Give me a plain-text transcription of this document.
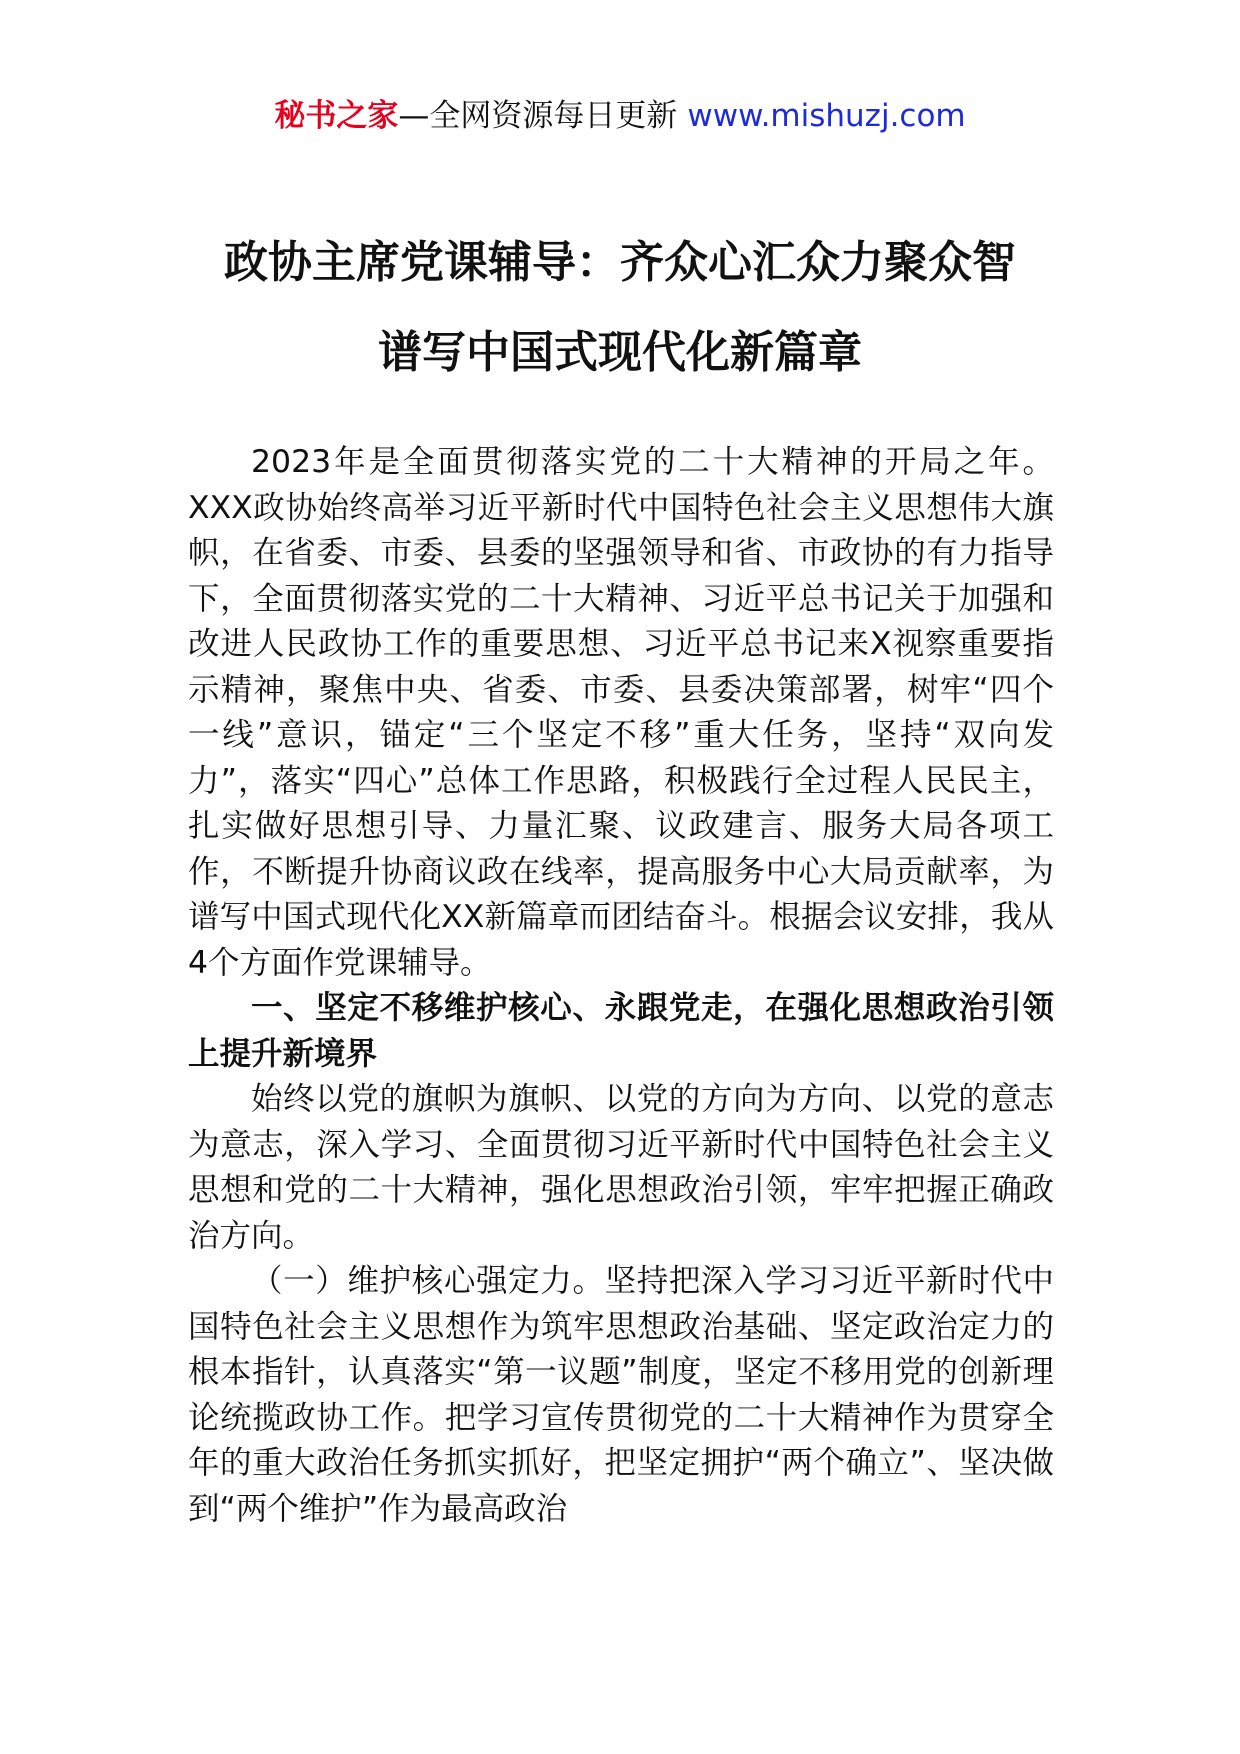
秘书之家—全网资源每日更新 www.mishuzj.com
政协主席党课辅导：齐众心汇众力聚众智
谱写中国式现代化新篇章

2023年是全面贯彻落实党的二十大精神的开局之年。XXX政协始终高举习近平新时代中国特色社会主义思想伟大旗帜，在省委、市委、县委的坚强领导和省、市政协的有力指导下，全面贯彻落实党的二十大精神、习近平总书记关于加强和改进人民政协工作的重要思想、习近平总书记来X视察重要指示精神，聚焦中央、省委、市委、县委决策部署，树牢“四个一线”意识，锚定“三个坚定不移”重大任务，坚持“双向发力”，落实“四心”总体工作思路，积极践行全过程人民民主，扎实做好思想引导、力量汇聚、议政建言、服务大局各项工作，不断提升协商议政在线率，提高服务中心大局贡献率，为谱写中国式现代化XX新篇章而团结奋斗。根据会议安排，我从4个方面作党课辅导。

一、坚定不移维护核心、永跟党走，在强化思想政治引领上提升新境界

始终以党的旗帜为旗帜、以党的方向为方向、以党的意志为意志，深入学习、全面贯彻习近平新时代中国特色社会主义思想和党的二十大精神，强化思想政治引领，牢牢把握正确政治方向。

（一）维护核心强定力。坚持把深入学习习近平新时代中国特色社会主义思想作为筑牢思想政治基础、坚定政治定力的根本指针，认真落实“第一议题”制度，坚定不移用党的创新理论统揽政协工作。把学习宣传贯彻党的二十大精神作为贯穿全年的重大政治任务抓实抓好，把坚定拥护“两个确立”、坚决做到“两个维护”作为最高政治
